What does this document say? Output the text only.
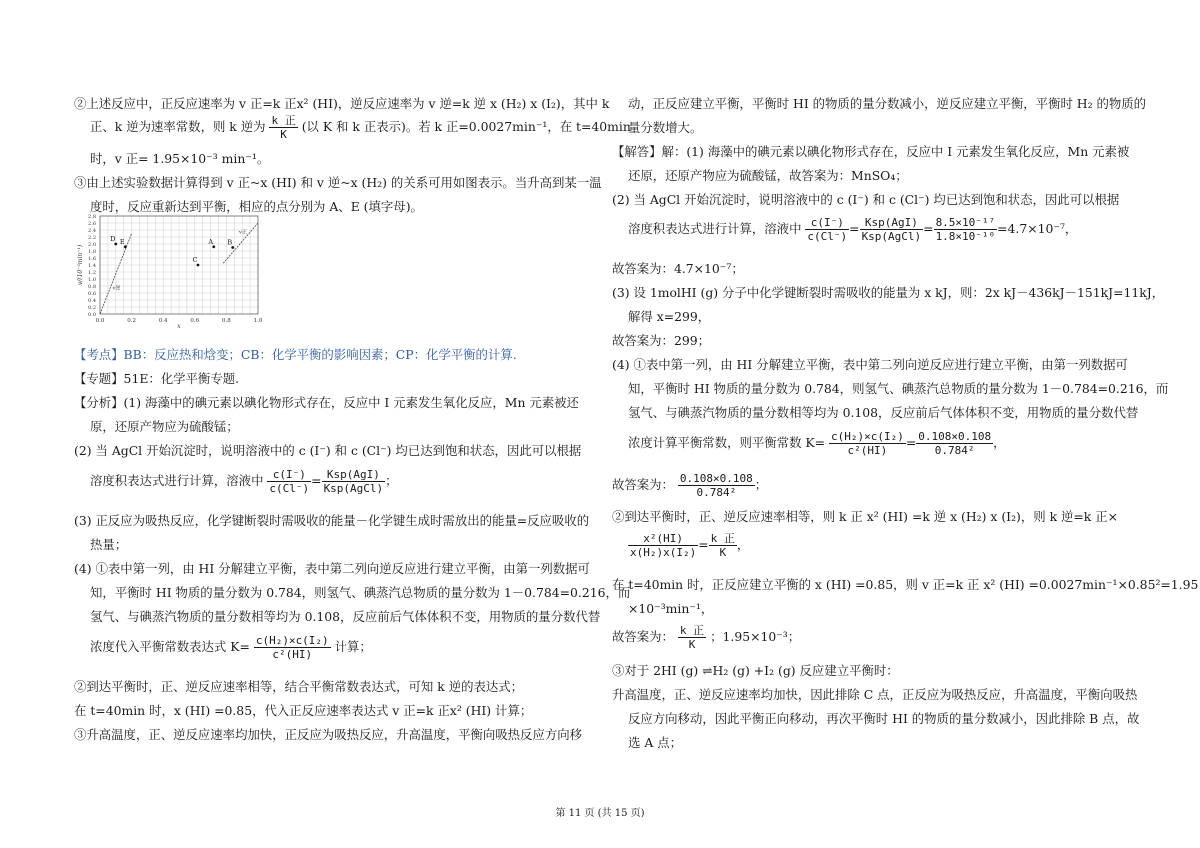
②上述反应中，正反应速率为 v 正=k 正x² (HI)，逆反应速率为 v 逆=k 逆 x (H₂) x (I₂)，其中 k
正、k 逆为速率常数，则 k 逆为 $\frac{\text{k 正}}{K}$ (以 K 和 k 正表示)。若 k 正=0.0027min⁻¹，在 t=40min
时，v 正= 1.95×10⁻³ min⁻¹。
③由上述实验数据计算得到 v 正~x (HI) 和 v 逆~x (H₂) 的关系可用如图表示。当升高到某一温
度时，反应重新达到平衡，相应的点分别为 A、E (填字母)。
2.8
2.6
2.4
2.2
2.0
1.8
1.6
1.4
1.2
1.0
0.8
0.6
0.4
0.2
0.0
0.0	0.2	0.4	0.6	0.8	1.0
v/(10⁻³min⁻¹)
x
v正
v逆
D E	A B
C
【考点】BB：反应热和焓变；CB：化学平衡的影响因素；CP：化学平衡的计算.
【专题】51E：化学平衡专题.
【分析】(1) 海藻中的碘元素以碘化物形式存在，反应中 I 元素发生氧化反应，Mn 元素被还
原，还原产物应为硫酸锰；
(2) 当 AgCl 开始沉淀时，说明溶液中的 c (I⁻) 和 c (Cl⁻) 均已达到饱和状态，因此可以根据
溶度积表达式进行计算，溶液中 $\frac{c(I^-)}{c(Cl^-)} = \frac{\text{Ksp(AgI)}}{\text{Ksp(AgCl)}}$ ；
(3) 正反应为吸热反应，化学键断裂时需吸收的能量－化学键生成时需放出的能量=反应吸收的
热量；
(4) ①表中第一列，由 HI 分解建立平衡，表中第二列向逆反应进行建立平衡，由第一列数据可
知，平衡时 HI 物质的量分数为 0.784，则氢气、碘蒸汽总物质的量分数为 1－0.784=0.216，而
氢气、与碘蒸汽物质的量分数相等均为 0.108，反应前后气体体积不变，用物质的量分数代替
浓度代入平衡常数表达式 $K= \frac{\text{c(H₂)×c(I₂)}}{\text{c²(HI)}}$ 计算；
②到达平衡时，正、逆反应速率相等，结合平衡常数表达式，可知 k 逆的表达式；
在 t=40min 时，x (HI) =0.85，代入正反应速率表达式 v 正=k 正x² (HI) 计算；
③升高温度，正、逆反应速率均加快，正反应为吸热反应，升高温度，平衡向吸热反应方向移
动，正反应建立平衡，平衡时 HI 的物质的量分数减小，逆反应建立平衡，平衡时 H₂ 的物质的
量分数增大。
【解答】解：(1) 海藻中的碘元素以碘化物形式存在，反应中 I 元素发生氧化反应，Mn 元素被
还原，还原产物应为硫酸锰，故答案为：MnSO₄；
(2) 当 AgCl 开始沉淀时，说明溶液中的 c (I⁻) 和 c (Cl⁻) 均已达到饱和状态，因此可以根据
溶度积表达式进行计算，溶液中 $\frac{c(I^-)}{c(Cl^-)} = \frac{\text{Ksp(AgI)}}{\text{Ksp(AgCl)}} = \frac{\text{8.5×10⁻¹⁷}}{\text{1.8×10⁻¹⁰}} =4.7\times 10^{-7}$，
故答案为：4.7×10⁻⁷；
(3) 设 1molHI (g) 分子中化学键断裂时需吸收的能量为 x kJ，则：2x kJ－436kJ－151kJ=11kJ，
解得 x=299，
故答案为：299；
(4) ①表中第一列，由 HI 分解建立平衡，表中第二列向逆反应进行建立平衡，由第一列数据可
知，平衡时 HI 物质的量分数为 0.784，则氢气、碘蒸汽总物质的量分数为 1－0.784=0.216，而
氢气、与碘蒸汽物质的量分数相等均为 0.108，反应前后气体体积不变，用物质的量分数代替
浓度计算平衡常数，则平衡常数 $K= \frac{\text{c(H₂)×c(I₂)}}{\text{c²(HI)}} = \frac{0.108\times 0.108}{\text{0.784²}}$ ，
故答案为： $\frac{0.108\times 0.108}{\text{0.784²}}$ ；
②到达平衡时，正、逆反应速率相等，则 k 正 x² (HI) =k 逆 x (H₂) x (I₂)，则 k 逆=k 正×
$\frac{\text{x²(HI)}}{\text{x(H₂)x(I₂)}} = \frac{\text{k 正}}{K}$ ，
在 t=40min 时，正反应建立平衡的 x (HI) =0.85，则 v 正=k 正 x² (HI) =0.0027min⁻¹×0.85²=1.95
×10⁻³min⁻¹，
故答案为： $\frac{\text{k 正}}{K}$ ；1.95×10⁻³；
③对于 2HI (g) ⇌H₂ (g) +I₂ (g) 反应建立平衡时：
升高温度，正、逆反应速率均加快，因此排除 C 点，正反应为吸热反应，升高温度，平衡向吸热
反应方向移动，因此平衡正向移动，再次平衡时 HI 的物质的量分数减小，因此排除 B 点，故
选 A 点；
第 11 页 (共 15 页)
